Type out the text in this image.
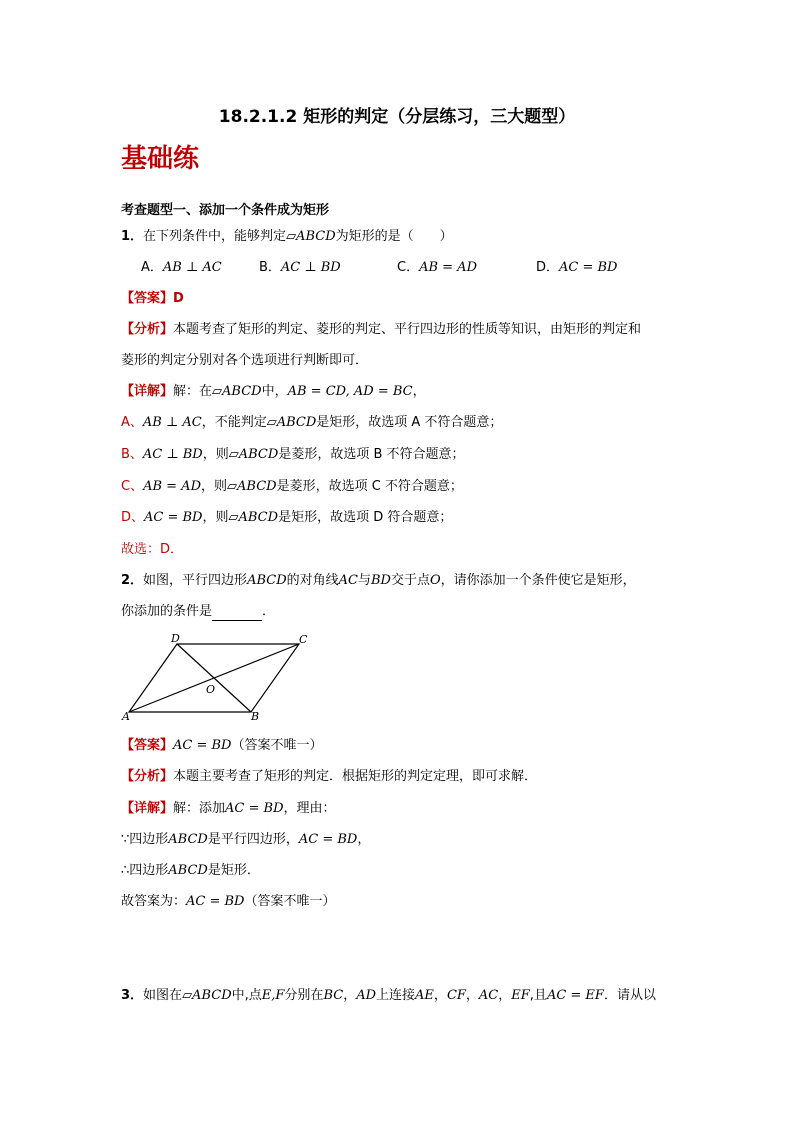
18.2.1.2 矩形的判定（分层练习，三大题型）
基础练
考查题型一、添加一个条件成为矩形
1．在下列条件中，能够判定▱ABCD为矩形的是（　　）
A．AB ⊥ AC	B．AC ⊥ BD	C．AB = AD	D．AC = BD
【答案】D
【分析】本题考查了矩形的判定、菱形的判定、平行四边形的性质等知识，由矩形的判定和
菱形的判定分别对各个选项进行判断即可．
【详解】解：在▱ABCD中，AB = CD, AD = BC，
A、AB ⊥ AC，不能判定▱ABCD是矩形，故选项 A 不符合题意；
B、AC ⊥ BD，则▱ABCD是菱形，故选项 B 不符合题意；
C、AB = AD，则▱ABCD是菱形，故选项 C 不符合题意；
D、AC = BD，则▱ABCD是矩形，故选项 D 符合题意；
故选：D．
2．如图，平行四边形ABCD的对角线AC与BD交于点O，请你添加一个条件使它是矩形，
你添加的条件是	．
A	B
C
D
O
【答案】AC = BD（答案不唯一）
【分析】本题主要考查了矩形的判定．根据矩形的判定定理，即可求解．
【详解】解：添加AC = BD，理由：
∵四边形ABCD是平行四边形，AC = BD，
∴四边形ABCD是矩形．
故答案为：AC = BD（答案不唯一）
3．如图在▱ABCD中,点E,F分别在BC，AD上连接AE，CF，AC，EF,且AC = EF．请从以
